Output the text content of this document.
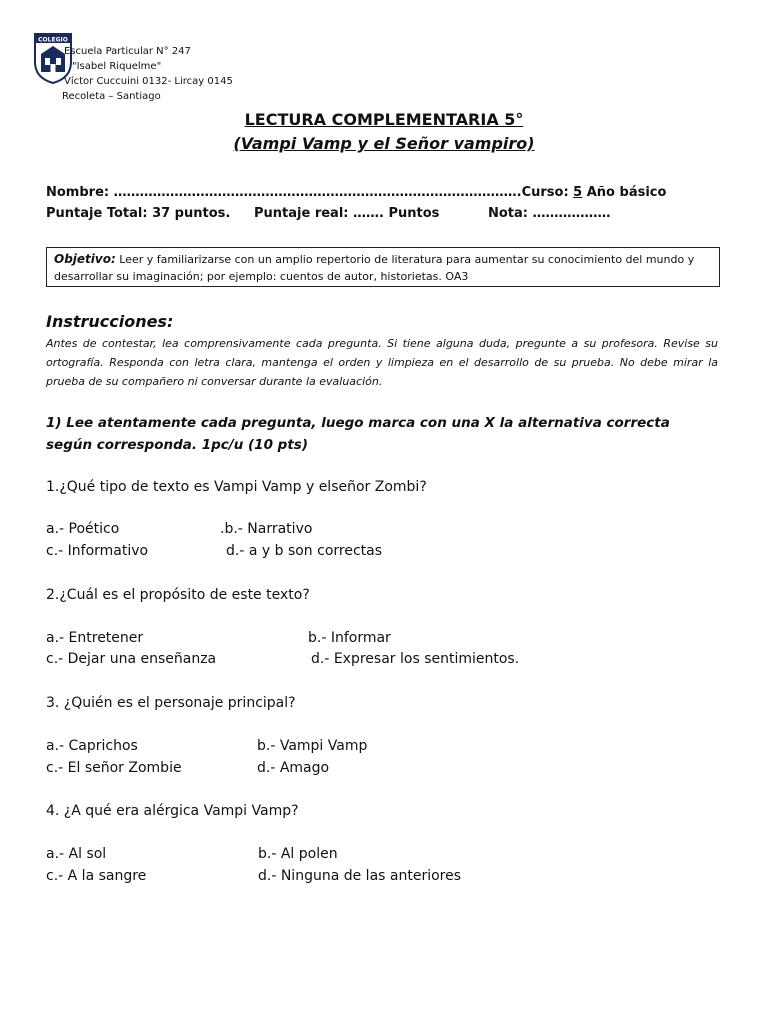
COLEGIO
Escuela Particular N° 247
"Isabel Riquelme"
Víctor Cuccuini 0132- Lircay 0145
Recoleta – Santiago
LECTURA COMPLEMENTARIA 5°
(Vampi Vamp y el Señor vampiro)
Nombre: ………………………………………………………………………………….Curso: 5 Año básico
Puntaje Total: 37 puntos. Puntaje real: ……. Puntos	Nota: ………………
Objetivo: Leer y familiarizarse con un amplio repertorio de literatura para aumentar su conocimiento del mundo y desarrollar su imaginación; por ejemplo: cuentos de autor, historietas. OA3
Instrucciones:
Antes de contestar, lea comprensivamente cada pregunta. Si tiene alguna duda, pregunte a su profesora. Revise su ortografía. Responda con letra clara, mantenga el orden y limpieza en el desarrollo de su prueba. No debe mirar la prueba de su compañero ni conversar durante la evaluación.
1) Lee atentamente cada pregunta, luego marca con una X la alternativa correcta según corresponda. 1pc/u (10 pts)
1.¿Qué tipo de texto es Vampi Vamp y elseñor Zombi?
a.- Poético	.b.- Narrativo
c.- Informativo	d.- a y b son correctas
2.¿Cuál es el propósito de este texto?
a.- Entretener	b.- Informar
c.- Dejar una enseñanza	d.- Expresar los sentimientos.
3. ¿Quién es el personaje principal?
a.- Caprichos	b.- Vampi Vamp
c.- El señor Zombie	d.- Amago
4. ¿A qué era alérgica Vampi Vamp?
a.- Al sol	b.- Al polen
c.- A la sangre	d.- Ninguna de las anteriores
